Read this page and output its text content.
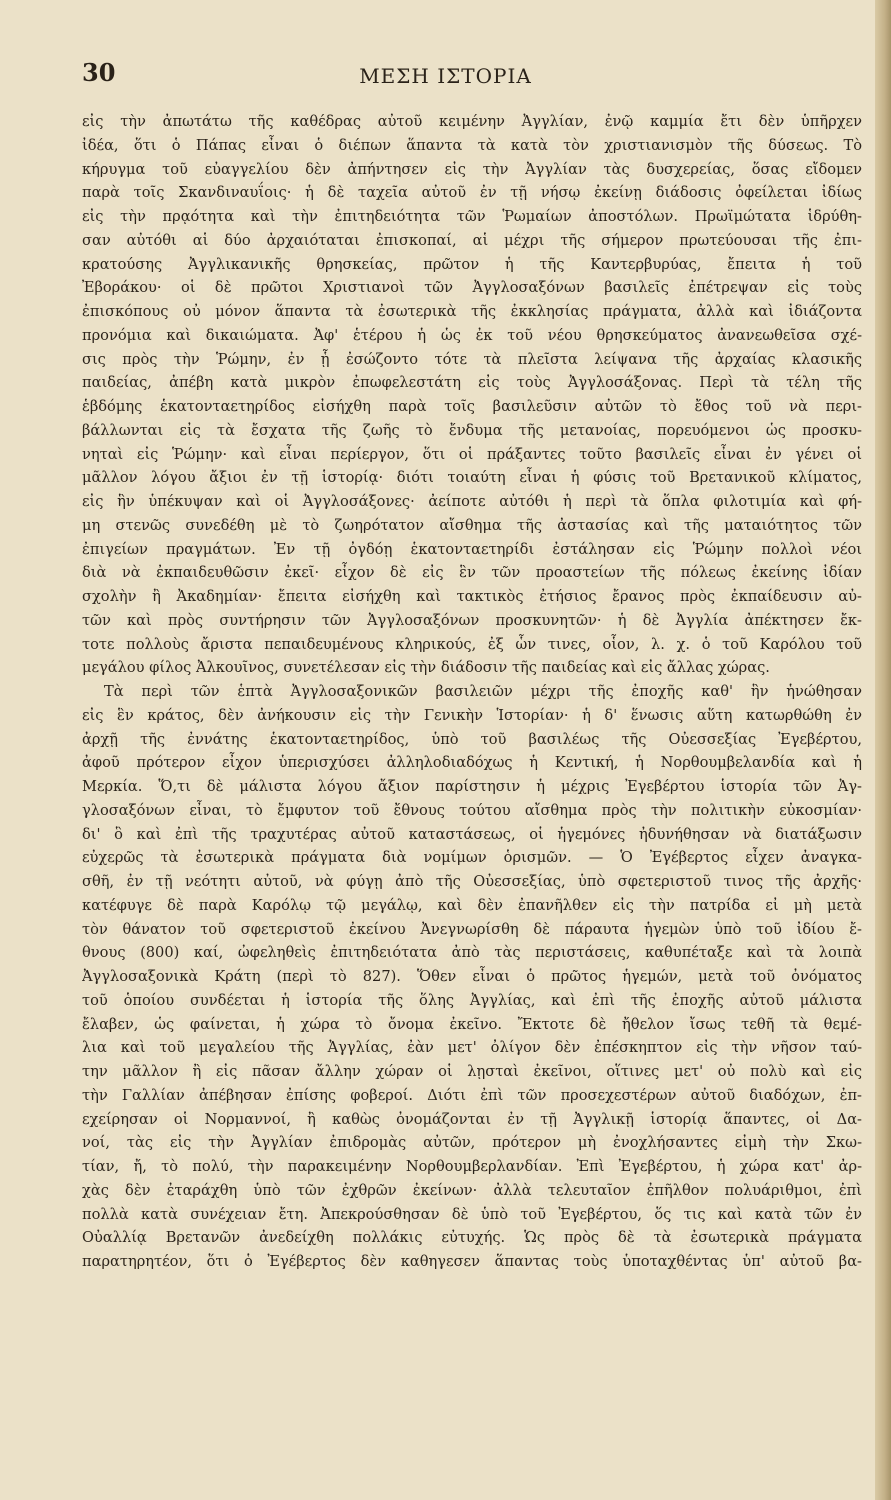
30	ΜΕΣΗ ΙΣΤΟΡΙΑ
εἰς τὴν ἀπωτάτω τῆς καθέδρας αὐτοῦ κειμένην Ἀγγλίαν, ἐνῷ καμμία ἔτι δὲν ὑπῆρχεν
ἰδέα, ὅτι ὁ Πάπας εἶναι ὁ διέπων ἅπαντα τὰ κατὰ τὸν χριστιανισμὸν τῆς δύσεως. Τὸ
κήρυγμα τοῦ εὐαγγελίου δὲν ἀπήντησεν εἰς τὴν Ἀγγλίαν τὰς δυσχερείας, ὅσας εἴδομεν
παρὰ τοῖς Σκανδιναυΐοις· ἡ δὲ ταχεῖα αὐτοῦ ἐν τῇ νήσῳ ἐκείνῃ διάδοσις ὀφείλεται ἰδίως
εἰς τὴν πρᾳότητα καὶ τὴν ἐπιτηδειότητα τῶν Ῥωμαίων ἀποστόλων. Πρωϊμώτατα ἱδρύθη-
σαν αὐτόθι αἱ δύο ἀρχαιόταται ἐπισκοπαί, αἱ μέχρι τῆς σήμερον πρωτεύουσαι τῆς ἐπι-
κρατούσης Ἀγγλικανικῆς θρησκείας, πρῶτον ἡ τῆς Καντερβυρύας, ἔπειτα ἡ τοῦ
Ἐβοράκου· οἱ δὲ πρῶτοι Χριστιανοὶ τῶν Ἀγγλοσαξόνων βασιλεῖς ἐπέτρεψαν εἰς τοὺς
ἐπισκόπους οὐ μόνον ἅπαντα τὰ ἐσωτερικὰ τῆς ἐκκλησίας πράγματα, ἀλλὰ καὶ ἰδιάζοντα
προνόμια καὶ δικαιώματα. Ἀφ' ἑτέρου ἡ ὡς ἐκ τοῦ νέου θρησκεύματος ἀνανεωθεῖσα σχέ-
σις πρὸς τὴν Ῥώμην, ἐν ᾗ ἐσώζοντο τότε τὰ πλεῖστα λείψανα τῆς ἀρχαίας κλασικῆς
παιδείας, ἀπέβη κατὰ μικρὸν ἐπωφελεστάτη εἰς τοὺς Ἀγγλοσάξονας. Περὶ τὰ τέλη τῆς
ἑβδόμης ἑκατονταετηρίδος εἰσήχθη παρὰ τοῖς βασιλεῦσιν αὐτῶν τὸ ἔθος τοῦ νὰ περι-
βάλλωνται εἰς τὰ ἔσχατα τῆς ζωῆς τὸ ἔνδυμα τῆς μετανοίας, πορευόμενοι ὡς προσκυ-
νηταὶ εἰς Ῥώμην· καὶ εἶναι περίεργον, ὅτι οἱ πράξαντες τοῦτο βασιλεῖς εἶναι ἐν γένει οἱ
μᾶλλον λόγου ἄξιοι ἐν τῇ ἱστορίᾳ· διότι τοιαύτη εἶναι ἡ φύσις τοῦ Βρετανικοῦ κλίματος,
εἰς ἣν ὑπέκυψαν καὶ οἱ Ἀγγλοσάξονες· ἀείποτε αὐτόθι ἡ περὶ τὰ ὅπλα φιλοτιμία καὶ φή-
μη στενῶς συνεδέθη μὲ τὸ ζωηρότατον αἴσθημα τῆς ἀστασίας καὶ τῆς ματαιότητος τῶν
ἐπιγείων πραγμάτων. Ἐν τῇ ὀγδόῃ ἑκατονταετηρίδι ἐστάλησαν εἰς Ῥώμην πολλοὶ νέοι
διὰ νὰ ἐκπαιδευθῶσιν ἐκεῖ· εἶχον δὲ εἰς ἓν τῶν προαστείων τῆς πόλεως ἐκείνης ἰδίαν
σχολὴν ἢ Ἀκαδημίαν· ἔπειτα εἰσήχθη καὶ τακτικὸς ἐτήσιος ἔρανος πρὸς ἐκπαίδευσιν αὐ-
τῶν καὶ πρὸς συντήρησιν τῶν Ἀγγλοσαξόνων προσκυνητῶν· ἡ δὲ Ἀγγλία ἀπέκτησεν ἔκ-
τοτε πολλοὺς ἄριστα πεπαιδευμένους κληρικούς, ἐξ ὧν τινες, οἷον, λ. χ. ὁ τοῦ Καρόλου τοῦ
μεγάλου φίλος Ἀλκουῖνος, συνετέλεσαν εἰς τὴν διάδοσιν τῆς παιδείας καὶ εἰς ἄλλας χώρας.
Τὰ περὶ τῶν ἑπτὰ Ἀγγλοσαξονικῶν βασιλειῶν μέχρι τῆς ἐποχῆς καθ' ἣν ἡνώθησαν
εἰς ἓν κράτος, δὲν ἀνήκουσιν εἰς τὴν Γενικὴν Ἱστορίαν· ἡ δ' ἕνωσις αὕτη κατωρθώθη ἐν
ἀρχῇ τῆς ἐννάτης ἑκατονταετηρίδος, ὑπὸ τοῦ βασιλέως τῆς Οὐεσσεξίας Ἐγεβέρτου,
ἀφοῦ πρότερον εἶχον ὑπερισχύσει ἀλληλοδιαδόχως ἡ Κεντική, ἡ Νορθουμβελανδία καὶ ἡ
Μερκία. Ὅ,τι δὲ μάλιστα λόγου ἄξιον παρίστησιν ἡ μέχρις Ἐγεβέρτου ἱστορία τῶν Ἀγ-
γλοσαξόνων εἶναι, τὸ ἔμφυτον τοῦ ἔθνους τούτου αἴσθημα πρὸς τὴν πολιτικὴν εὐκοσμίαν·
δι' ὃ καὶ ἐπὶ τῆς τραχυτέρας αὐτοῦ καταστάσεως, οἱ ἡγεμόνες ἠδυνήθησαν νὰ διατάξωσιν
εὐχερῶς τὰ ἐσωτερικὰ πράγματα διὰ νομίμων ὁρισμῶν. — Ὁ Ἐγέβερτος εἶχεν ἀναγκα-
σθῆ, ἐν τῇ νεότητι αὐτοῦ, νὰ φύγῃ ἀπὸ τῆς Οὐεσσεξίας, ὑπὸ σφετεριστοῦ τινος τῆς ἀρχῆς·
κατέφυγε δὲ παρὰ Καρόλῳ τῷ μεγάλῳ, καὶ δὲν ἐπανῆλθεν εἰς τὴν πατρίδα εἰ μὴ μετὰ
τὸν θάνατον τοῦ σφετεριστοῦ ἐκείνου Ἀνεγνωρίσθη δὲ πάραυτα ἡγεμὼν ὑπὸ τοῦ ἰδίου ἔ-
θνους (800) καί, ὠφεληθεὶς ἐπιτηδειότατα ἀπὸ τὰς περιστάσεις, καθυπέταξε καὶ τὰ λοιπὰ
Ἀγγλοσαξονικὰ Κράτη (περὶ τὸ 827). Ὅθεν εἶναι ὁ πρῶτος ἡγεμών, μετὰ τοῦ ὀνόματος
τοῦ ὁποίου συνδέεται ἡ ἱστορία τῆς ὅλης Ἀγγλίας, καὶ ἐπὶ τῆς ἐποχῆς αὐτοῦ μάλιστα
ἔλαβεν, ὡς φαίνεται, ἡ χώρα τὸ ὄνομα ἐκεῖνο. Ἔκτοτε δὲ ἤθελον ἴσως τεθῆ τὰ θεμέ-
λια καὶ τοῦ μεγαλείου τῆς Ἀγγλίας, ἐὰν μετ' ὀλίγον δὲν ἐπέσκηπτον εἰς τὴν νῆσον ταύ-
την μᾶλλον ἢ εἰς πᾶσαν ἄλλην χώραν οἱ λῃσταὶ ἐκεῖνοι, οἵτινες μετ' οὐ πολὺ καὶ εἰς
τὴν Γαλλίαν ἀπέβησαν ἐπίσης φοβεροί. Διότι ἐπὶ τῶν προσεχεστέρων αὐτοῦ διαδόχων, ἐπ-
εχείρησαν οἱ Νορμαννοί, ἢ καθὼς ὀνομάζονται ἐν τῇ Ἀγγλικῇ ἱστορίᾳ ἅπαντες, οἱ Δα-
νοί, τὰς εἰς τὴν Ἀγγλίαν ἐπιδρομὰς αὐτῶν, πρότερον μὴ ἐνοχλήσαντες εἰμὴ τὴν Σκω-
τίαν, ἤ, τὸ πολύ, τὴν παρακειμένην Νορθουμβερλανδίαν. Ἐπὶ Ἐγεβέρτου, ἡ χώρα κατ' ἀρ-
χὰς δὲν ἐταράχθη ὑπὸ τῶν ἐχθρῶν ἐκείνων· ἀλλὰ τελευταῖον ἐπῆλθον πολυάριθμοι, ἐπὶ
πολλὰ κατὰ συνέχειαν ἔτη. Ἀπεκρούσθησαν δὲ ὑπὸ τοῦ Ἐγεβέρτου, ὅς τις καὶ κατὰ τῶν ἐν
Οὐαλλίᾳ Βρετανῶν ἀνεδείχθη πολλάκις εὐτυχής. Ὡς πρὸς δὲ τὰ ἐσωτερικὰ πράγματα
παρατηρητέον, ὅτι ὁ Ἐγέβερτος δὲν καθηγεσεν ἅπαντας τοὺς ὑποταχθέντας ὑπ' αὐτοῦ βα-
